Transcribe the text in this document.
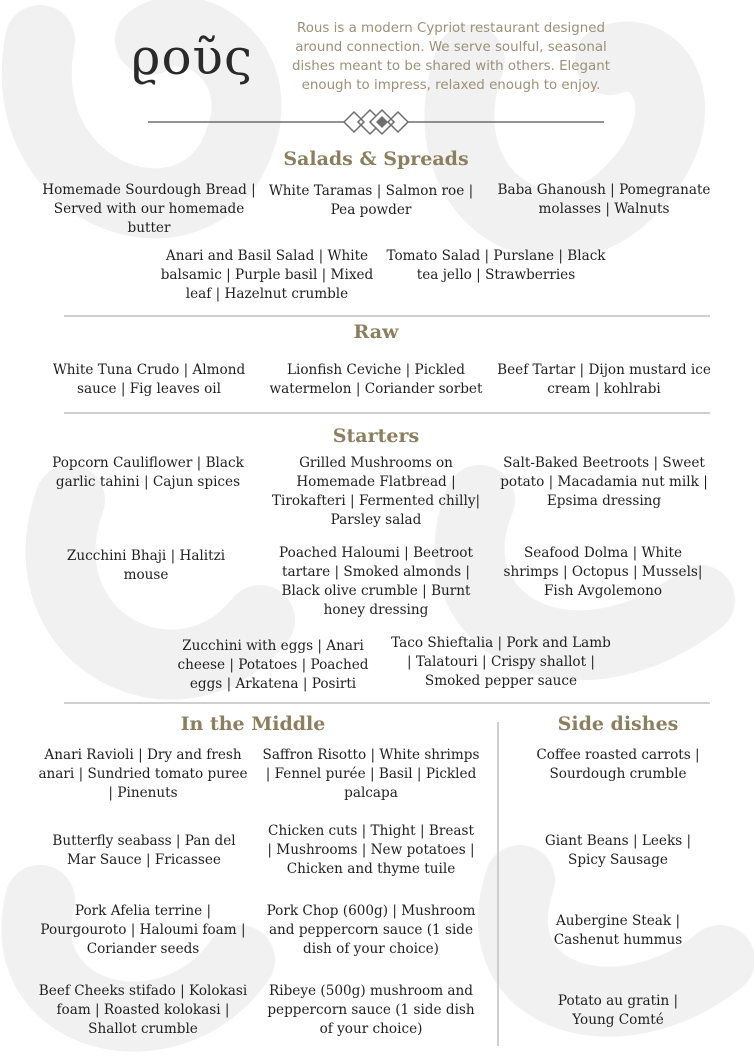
ϱοῦς	Rous is a modern Cypriot restaurant designed around connection. We serve soulful, seasonal dishes meant to be shared with others. Elegant enough to impress, relaxed enough to enjoy.
Salads & Spreads
Homemade Sourdough Bread | Served with our homemade butter
White Taramas | Salmon roe | Pea powder
Baba Ghanoush | Pomegranate molasses | Walnuts
Anari and Basil Salad | White balsamic | Purple basil | Mixed leaf | Hazelnut crumble
Tomato Salad | Purslane | Black tea jello | Strawberries
Raw
White Tuna Crudo | Almond sauce | Fig leaves oil
Lionfish Ceviche | Pickled watermelon | Coriander sorbet
Beef Tartar | Dijon mustard ice cream | kohlrabi
Starters
Popcorn Cauliflower | Black garlic tahini | Cajun spices
Grilled Mushrooms on Homemade Flatbread | Tirokafteri | Fermented chilly| Parsley salad
Salt-Baked Beetroots | Sweet potato | Macadamia nut milk | Epsima dressing
Zucchini Bhaji | Halitzi mouse
Poached Haloumi | Beetroot tartare | Smoked almonds | Black olive crumble | Burnt honey dressing
Seafood Dolma | White shrimps | Octopus | Mussels| Fish Avgolemono
Zucchini with eggs | Anari cheese | Potatoes | Poached eggs | Arkatena | Posirti
Taco Shieftalia | Pork and Lamb | Talatouri | Crispy shallot | Smoked pepper sauce
In the Middle
Anari Ravioli | Dry and fresh anari | Sundried tomato puree | Pinenuts
Saffron Risotto | White shrimps | Fennel purée | Basil | Pickled palcapa
Butterfly seabass | Pan del Mar Sauce | Fricassee
Chicken cuts | Thight | Breast | Mushrooms | New potatoes | Chicken and thyme tuile
Pork Afelia terrine | Pourgouroto | Haloumi foam | Coriander seeds
Pork Chop (600g) | Mushroom and peppercorn sauce (1 side dish of your choice)
Beef Cheeks stifado | Kolokasi foam | Roasted kolokasi | Shallot crumble
Ribeye (500g) mushroom and peppercorn sauce (1 side dish of your choice)
Side dishes
Coffee roasted carrots | Sourdough crumble
Giant Beans | Leeks | Spicy Sausage
Aubergine Steak | Cashenut hummus
Potato au gratin | Young Comté
